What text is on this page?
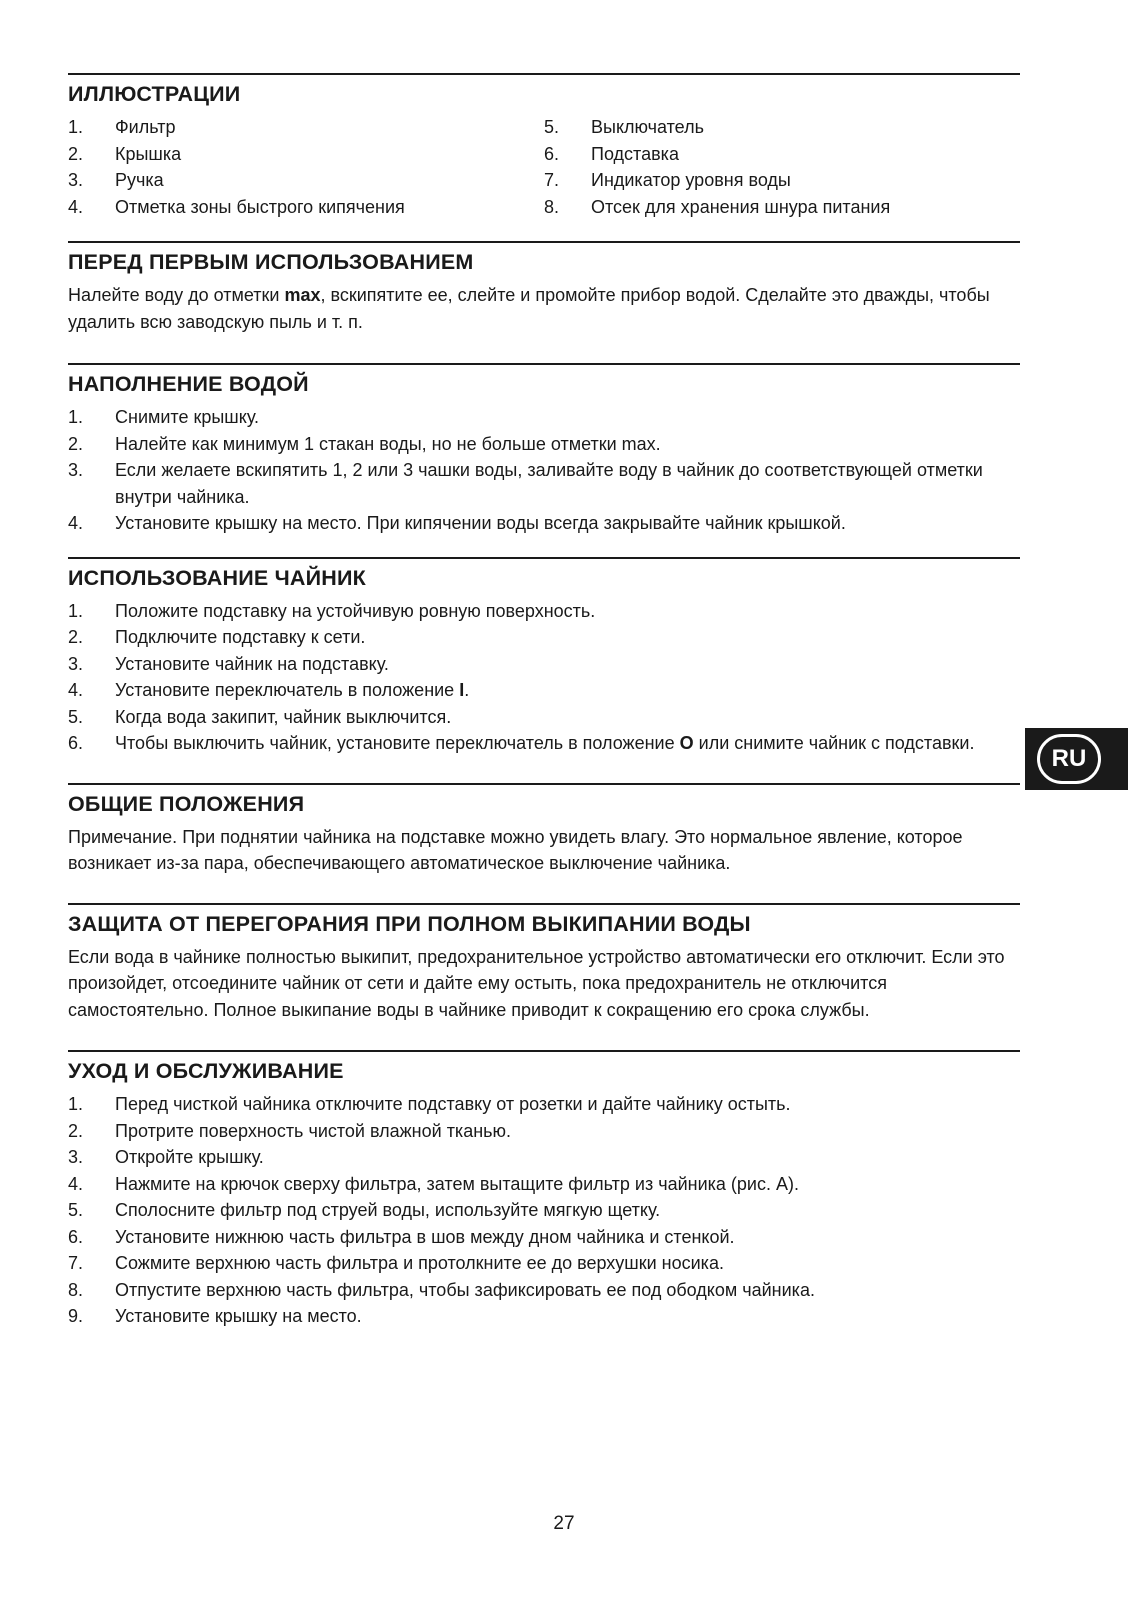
ИЛЛЮСТРАЦИИ
1. Фильтр
2. Крышка
3. Ручка
4. Отметка зоны быстрого кипячения
5. Выключатель
6. Подставка
7. Индикатор уровня воды
8. Отсек для хранения шнура питания
ПЕРЕД ПЕРВЫМ ИСПОЛЬЗОВАНИЕМ

Налейте воду до отметки max, вскипятите ее, слейте и промойте прибор водой. Сделайте это дважды, чтобы удалить всю заводскую пыль и т. п.

НАПОЛНЕНИЕ ВОДОЙ
1. Снимите крышку.
2. Налейте как минимум 1 стакан воды, но не больше отметки max.
3. Если желаете вскипятить 1, 2 или 3 чашки воды, заливайте воду в чайник до соответствующей отметки внутри чайника.
4. Установите крышку на место. При кипячении воды всегда закрывайте чайник крышкой.
ИСПОЛЬЗОВАНИЕ ЧАЙНИК
1. Положите подставку на устойчивую ровную поверхность.
2. Подключите подставку к сети.
3. Установите чайник на подставку.
4. Установите переключатель в положение I.
5. Когда вода закипит, чайник выключится.
6. Чтобы выключить чайник, установите переключатель в положение O или снимите чайник с подставки.
ОБЩИЕ ПОЛОЖЕНИЯ

Примечание. При поднятии чайника на подставке можно увидеть влагу. Это нормальное явление, которое возникает из-за пара, обеспечивающего автоматическое выключение чайника.

ЗАЩИТА ОТ ПЕРЕГОРАНИЯ ПРИ ПОЛНОМ ВЫКИПАНИИ ВОДЫ

Если вода в чайнике полностью выкипит, предохранительное устройство автоматически его отключит. Если это произойдет, отсоедините чайник от сети и дайте ему остыть, пока предохранитель не отключится самостоятельно. Полное выкипание воды в чайнике приводит к сокращению его срока службы.

УХОД И ОБСЛУЖИВАНИЕ
1. Перед чисткой чайника отключите подставку от розетки и дайте чайнику остыть.
2. Протрите поверхность чистой влажной тканью.
3. Откройте крышку.
4. Нажмите на крючок сверху фильтра, затем вытащите фильтр из чайника (рис. A).
5. Сполосните фильтр под струей воды, используйте мягкую щетку.
6. Установите нижнюю часть фильтра в шов между дном чайника и стенкой.
7. Сожмите верхнюю часть фильтра и протолкните ее до верхушки носика.
8. Отпустите верхнюю часть фильтра, чтобы зафиксировать ее под ободком чайника.
9. Установите крышку на место.
RU
27
